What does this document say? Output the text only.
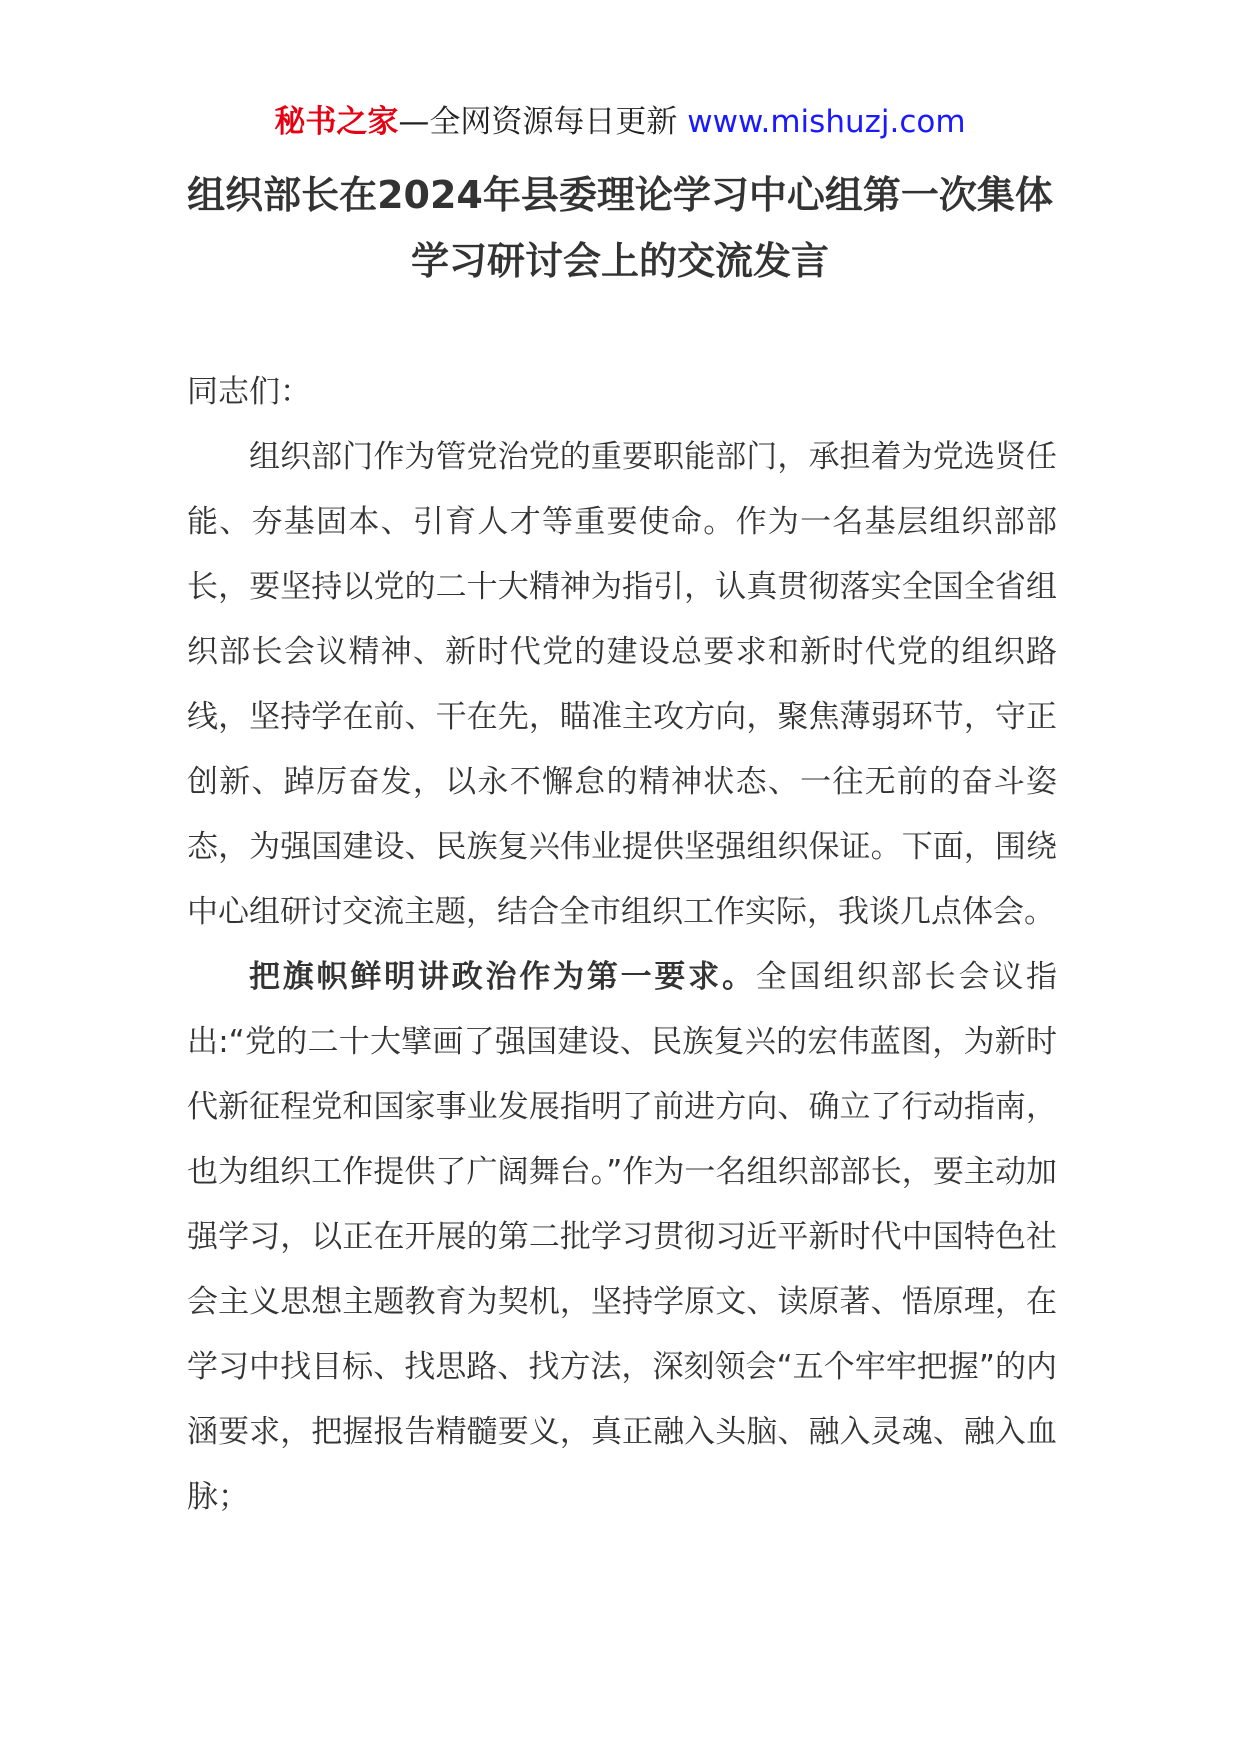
秘书之家—全网资源每日更新 www.mishuzj.com
组织部长在2024年县委理论学习中心组第一次集体学习研讨会上的交流发言

同志们：

组织部门作为管党治党的重要职能部门，承担着为党选贤任能、夯基固本、引育人才等重要使命。作为一名基层组织部部长，要坚持以党的二十大精神为指引，认真贯彻落实全国全省组织部长会议精神、新时代党的建设总要求和新时代党的组织路线，坚持学在前、干在先，瞄准主攻方向，聚焦薄弱环节，守正创新、踔厉奋发，以永不懈怠的精神状态、一往无前的奋斗姿态，为强国建设、民族复兴伟业提供坚强组织保证。下面，围绕中心组研讨交流主题，结合全市组织工作实际，我谈几点体会。

把旗帜鲜明讲政治作为第一要求。全国组织部长会议指出:“党的二十大擘画了强国建设、民族复兴的宏伟蓝图，为新时代新征程党和国家事业发展指明了前进方向、确立了行动指南，也为组织工作提供了广阔舞台。”作为一名组织部部长，要主动加强学习，以正在开展的第二批学习贯彻习近平新时代中国特色社会主义思想主题教育为契机，坚持学原文、读原著、悟原理，在学习中找目标、找思路、找方法，深刻领会“五个牢牢把握”的内涵要求，把握报告精髓要义，真正融入头脑、融入灵魂、融入血脉；
